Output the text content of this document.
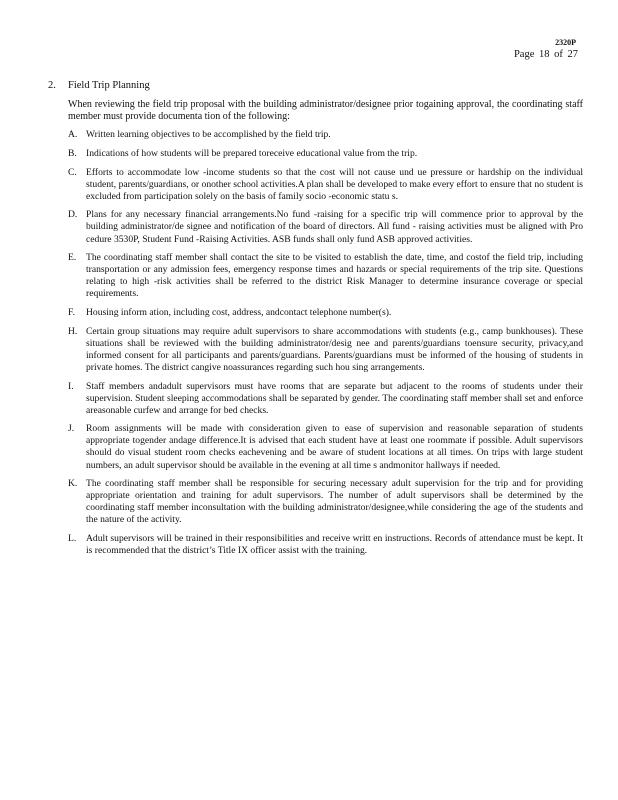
2320P
Page 18 of 27
2.	Field Trip Planning
When reviewing the field trip proposal with the building administrator/designee prior togaining approval, the coordinating staff member must provide documenta tion of the following:
A. Written learning objectives to be accomplished by the field trip.
B. Indications of how students will be prepared toreceive educational value from the trip.
C. Efforts to accommodate low -income students so that the cost will not cause und ue pressure or hardship on the individual student, parents/guardians, or onother school activities.A plan shall be developed to make every effort to ensure that no student is excluded from participation solely on the basis of family socio -economic statu s.
D. Plans for any necessary financial arrangements.No fund -raising for a specific trip will commence prior to approval by the building administrator/de signee and notification of the board of directors. All fund - raising activities must be aligned with Pro cedure 3530P, Student Fund -Raising Activities. ASB funds shall only fund ASB approved activities.
E.	The coordinating staff member shall contact the site to be visited to establish the date, time, and costof the field trip, including transportation or any admission fees, emergency response times and hazards or special requirements of the trip site. Questions relating to high -risk activities shall be referred to the district Risk Manager to determine insurance coverage or special requirements.
F.	Housing inform ation, including cost, address, andcontact telephone number(s).
H. Certain group situations may require adult supervisors to share accommodations with students (e.g., camp bunkhouses). These situations shall be reviewed with the building administrator/desig nee and parents/guardians toensure security, privacy,and informed consent for all participants and parents/guardians. Parents/guardians must be informed of the housing of students in private homes. The district cangive noassurances regarding such hou sing arrangements.
I.	Staff members andadult supervisors must have rooms that are separate but adjacent to the rooms of students under their supervision. Student sleeping accommodations shall be separated by gender. The coordinating staff member shall set and enforce areasonable curfew and arrange for bed checks.
J.	Room assignments will be made with consideration given to ease of supervision and reasonable separation of students appropriate togender andage difference.It is advised that each student have at least one roommate if possible. Adult supervisors should do visual student room checks eachevening and be aware of student locations at all times. On trips with large student numbers, an adult supervisor should be available in the evening at all time s andmonitor hallways if needed.
K. The coordinating staff member shall be responsible for securing necessary adult supervision for the trip and for providing appropriate orientation and training for adult supervisors. The number of adult supervisors shall be determined by the coordinating staff member inconsultation with the building administrator/designee,while considering the age of the students and the nature of the activity.
L.	Adult supervisors will be trained in their responsibilities and receive writt en instructions. Records of attendance must be kept. It is recommended that the district’s Title IX officer assist with the training.
